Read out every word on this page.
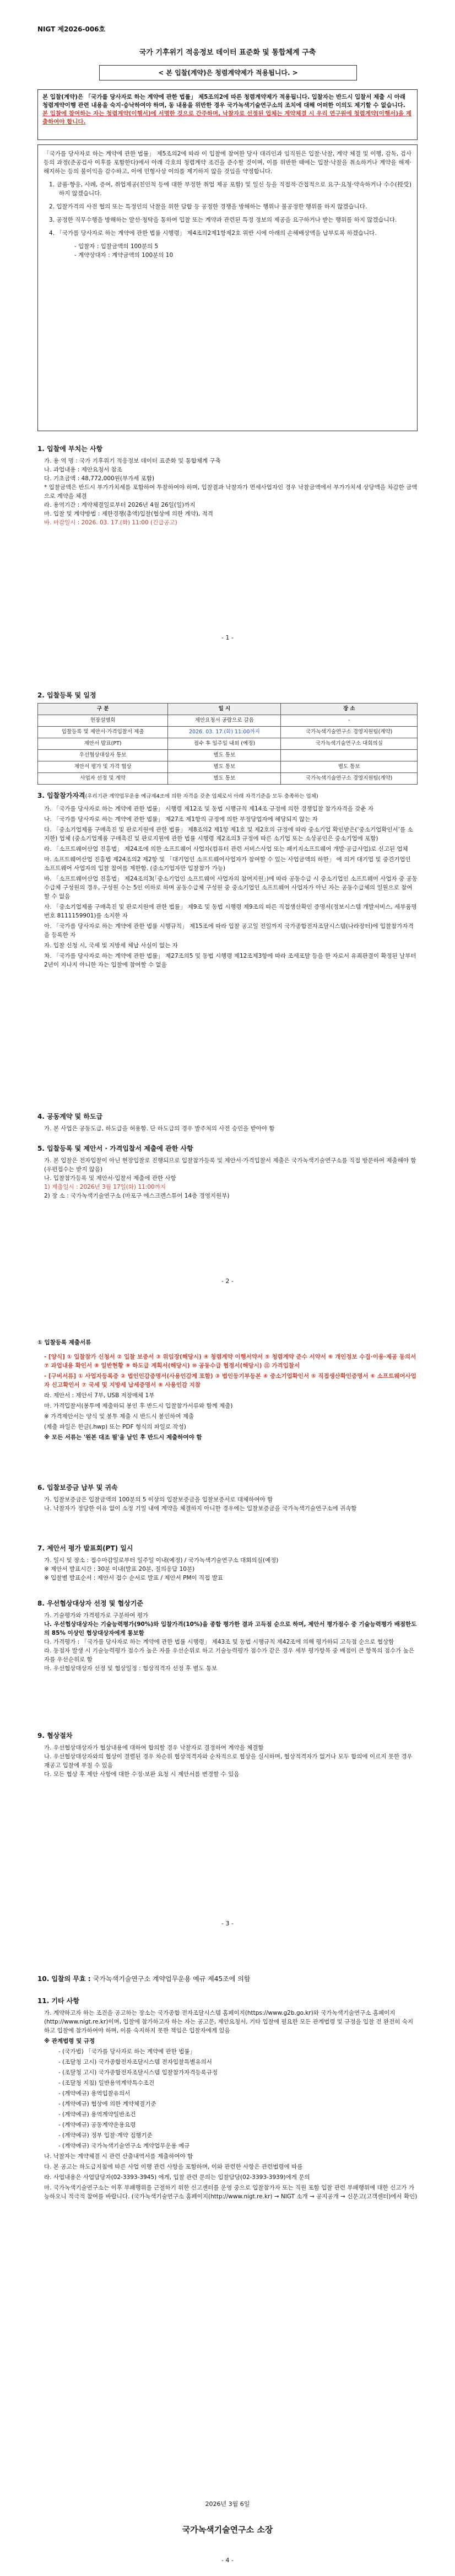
NIGT 제2026-006호
국가 기후위기 적응정보 데이터 표준화 및 통합체계 구축
< 본 입찰(계약)은 청렴계약제가 적용됩니다. >

본 입찰(계약)은 「국가를 당사자로 하는 계약에 관한 법률」 제5조의2에 따른 청렴계약제가 적용됩니다. 입찰자는 반드시 입찰서 제출 시 아래 청렴계약이행 관련 내용을 숙지·승낙하여야 하며, 동 내용을 위반한 경우 국가녹색기술연구소의 조치에 대해 어떠한 이의도 제기할 수 없습니다. 본 입찰에 참여하는 자는 청렴계약(이행서)에 서명한 것으로 간주하며, 낙찰자로 선정된 업체는 계약체결 시 우리 연구원에 청렴계약(이행서)을 제출하여야 합니다.

「국가를 당사자로 하는 계약에 관한 법률」 제5조의2에 따라 이 입찰에 참여한 당사 대리인과 임직원은 입찰·낙찰, 계약 체결 및 이행, 감독, 검사 등의 과정(준공검사 이후를 포함한다)에서 아래 각호의 청렴계약 조건을 준수할 것이며, 이를 위반한 때에는 입찰·낙찰을 취소하거나 계약을 해제·해지하는 등의 불이익을 감수하고, 이에 민형사상 이의를 제기하지 않을 것임을 약정합니다.

1. 금품·향응, 사례, 증여, 취업제공(친인척 등에 대한 부정한 취업 제공 포함) 및 일신 등을 직접적·간접적으로 요구·요청·약속하거나 수수(授受)하지 않겠습니다.

2. 입찰가격의 사전 협의 또는 특정인의 낙찰을 위한 담합 등 공정한 경쟁을 방해하는 행위나 불공정한 행위를 하지 않겠습니다.

3. 공정한 직무수행을 방해하는 알선·청탁을 통하여 입찰 또는 계약과 관련된 특정 정보의 제공을 요구하거나 받는 행위를 하지 않겠습니다.

4. 「국가를 당사자로 하는 계약에 관한 법률 시행령」 제4조의2제1항제2호 위반 시에 아래의 손해배상액을 납부토록 하겠습니다.

- 입찰자 : 입찰금액의 100분의 5

- 계약상대자 : 계약금액의 100분의 10

1. 입찰에 부치는 사항

가. 용 역 명 : 국가 기후위기 적응정보 데이터 표준화 및 통합체계 구축

나. 과업내용 : 제안요청서 참조

다. 기초금액 : 48,772,000원(부가세 포함)

* 입찰금액은 반드시 부가가치세를 포함하여 투찰하여야 하며, 입찰결과 낙찰자가 면세사업자인 경우 낙찰금액에서 부가가치세 상당액을 차감한 금액으로 계약을 체결

라. 용역기간 : 계약체결일로부터 2026년 4월 26일(일)까지

마. 입찰 및 계약방법 : 제한경쟁(총액)입찰(협상에 의한 계약), 적격

바. 마감일시 : 2026. 03. 17.(화) 11:00 (긴급공고)

- 1 -
2. 입찰등록 및 일정
구 분	일 시	장 소
현장설명회	제안요청서 공람으로 갈음	-
입찰등록 및 제안서·가격입찰서 제출	2026. 03. 17.(화) 11:00까지	국가녹색기술연구소 경영지원팀(계약)
제안서 발표(PT)	접수 후 일주일 내외 (예정)	국가녹색기술연구소 대회의실
우선협상대상자 통보	별도 통보	
제안서 평가 및 가격 협상	별도 통보	별도 통보
사업자 선정 및 계약	별도 통보	국가녹색기술연구소 경영지원팀(계약)
3. 입찰참가자격(우리기관 계약업무운용 예규제4조에 의한 자격을 갖춘 업체로서 아래 자격기준을 모두 충족하는 업체)

가. 「국가를 당사자로 하는 계약에 관한 법률」 시행령 제12조 및 동법 시행규칙 제14조 규정에 의한 경쟁입찰 참가자격을 갖춘 자

나. 「국가를 당사자로 하는 계약에 관한 법률」 제27조 제1항의 규정에 의한 부정당업자에 해당되지 않는 자

다. 「중소기업제품 구매촉진 및 판로지원에 관한 법률」 제8조의2 제1항 제1호 및 제2호의 규정에 따라 중소기업 확인받은(‘중소기업확인서’를 소지한) 업체 (중소기업제품 구매촉진 및 판로지원에 관한 법률 시행령 제2조의3 규정에 따른 소기업 또는 소상공인은 중소기업에 포함)

라. 「소프트웨어산업 진흥법」 제24조에 의한 소프트웨어 사업자(컴퓨터 관련 서비스사업 또는 패키지소프트웨어 개발·공급사업)로 신고된 업체

마. 소프트웨어산업 진흥법 제24조의2 제2항 및 「대기업인 소프트웨어사업자가 참여할 수 있는 사업금액의 하한」 에 의거 대기업 및 중견기업인 소프트웨어 사업자의 입찰 참여를 제한함. (중소기업자만 입찰참가 가능)

바. 「소프트웨어산업 진흥법」 제24조의3(「중소기업인 소프트웨어 사업자의 참여지원」)에 따라 공동수급 시 중소기업인 소프트웨어 사업자 중 공동수급체 구성원의 경우, 구성원 수는 5인 이하로 하며 공동수급체 구성원 중 중소기업인 소프트웨어 사업자가 아닌 자는 공동수급체의 일원으로 참여할 수 없음

사. 「중소기업제품 구매촉진 및 판로지원에 관한 법률」 제9조 및 동법 시행령 제9조의 따른 직접생산확인 증명서(정보시스템 개발서비스, 세부품명번호 8111159901)를 소지한 자

아. 「국가를 당사자로 하는 계약에 관한 법률 시행규칙」 제15조에 따라 입찰 공고일 전일까지 국가종합전자조달시스템(나라장터)에 입찰참가자격을 등록한 자

자. 입찰 신청 시, 국세 및 지방세 체납 사실이 없는 자

차. 「국가를 당사자로 하는 계약에 관한 법률」 제27조의5 및 동법 시행령 제12조제3항에 따라 조세포탈 등을 한 자로서 유죄판결이 확정된 날부터 2년이 지나지 아니한 자는 입찰에 참여할 수 없음

4. 공동계약 및 하도급

가. 본 사업은 공동도급, 하도급을 허용함. 단 하도급의 경우 발주처의 사전 승인을 받아야 함

5. 입찰등록 및 제안서 · 가격입찰서 제출에 관한 사항

가. 본 입찰은 전자입찰이 아닌 현장입찰로 진행되므로 입찰참가등록 및 제안서·가격입찰서 제출은 국가녹색기술연구소를 직접 방문하여 제출해야 함 (우편접수는 받지 않음)

나. 입찰참가등록 및 제안서·입찰서 제출에 관한 사항

1) 제출일시 : 2026년 3월 17일(화) 11:00까지

2) 장 소 : 국가녹색기술연구소 (마포구 에스크렌스튜어 14층 경영지원부)

- 2 -

① 입찰등록 제출서류

- [양식] ① 입찰참가 신청서 ② 입찰 보증서 ③ 위임장(해당시) ④ 청렴계약 이행서약서 ⑤ 청렴계약 준수 서약서 ⑥ 개인정보 수집·이용·제공 동의서 ⑦ 과업내용 확인서 ⑧ 일반현황 ⑨ 하도급 계획서(해당시) ⑩ 공동수급 협정서(해당시) ⑪ 가격입찰서

- [구비서류] ① 사업자등록증 ② 법인인감증명서(사용인감계 포함) ③ 법인등기부등본 ④ 중소기업확인서 ⑤ 직접생산확인증명서 ⑥ 소프트웨어사업자 신고확인서 ⑦ 국세 및 지방세 납세증명서 ⑧ 사용인감 지참

라. 제안서 : 제안서 7부, USB 저장매체 1부

마. 가격입찰서(봉투에 제출하되 봉인 후 반드시 입찰참가서류와 함께 제출)

※ 가격제안서는 양식 및 봉투 제출 시 반드시 봉인하여 제출

(제출 파일은 한글(.hwp) 또는 PDF 형식의 파일로 작성)

※ 모든 서류는 '원본 대조 필'을 날인 후 반드시 제출하여야 함

6. 입찰보증금 납부 및 귀속

가. 입찰보증금은 입찰금액의 100분의 5 이상의 입찰보증금을 입찰보증서로 대체하여야 함

나. 낙찰자가 정당한 이유 없이 소정 기일 내에 계약을 체결하지 아니한 경우에는 입찰보증금을 국가녹색기술연구소에 귀속함

7. 제안서 평가 발표회(PT) 일시

가. 일시 및 장소 : 접수마감일로부터 일주일 이내(예정) / 국가녹색기술연구소 대회의실(예정)

※ 제안서 발표시간 : 30분 이내(발표 20분, 질의응답 10분)

※ 입찰별 발표순서 : 제안서 접수 순서로 발표 / 제안서 PM이 직접 발표

8. 우선협상대상자 선정 및 협상기준

가. 기술평가와 가격평가로 구분하여 평가

나. 우선협상대상자는 기술능력평가(90%)와 입찰가격(10%)을 종합 평가한 결과 고득점 순으로 하며, 제안서 평가점수 중 기술능력평가 배점한도의 85% 이상인 협상대상자에게 통보함

다. 가격평가 : 「국가를 당사자로 하는 계약에 관한 법률 시행령」 제43조 및 동법 시행규칙 제42조에 의해 평가하되 고득점 순으로 협상함

라. 동점자 발생 시 기술능력평가 점수가 높은 자를 우선순위로 하고 기술능력평가 점수가 같은 경우 세부 평가항목 중 배점이 큰 항목의 점수가 높은 자를 우선순위로 함

마. 우선협상대상자 선정 및 협상일정 : 협상적격자 선정 후 별도 통보

9. 협상절차

가. 우선협상대상자가 협상내용에 대하여 합의할 경우 낙찰자로 결정하여 계약을 체결함

나. 우선협상대상자와의 협상이 결렬된 경우 차순위 협상적격자와 순차적으로 협상을 실시하며, 협상적격자가 없거나 모두 합의에 이르지 못한 경우 재공고 입찰에 부칠 수 있음

다. 모든 협상 후 제안 사항에 대한 수정·보완 요청 시 제안서를 변경할 수 있음

- 3 -
10. 입찰의 무효 : 국가녹색기술연구소 계약업무운용 예규 제45조에 의함
11. 기타 사항

가. 계약하고자 하는 조건을 공고하는 장소는 국가종합 전자조달시스템 홈페이지(https://www.g2b.go.kr)와 국가녹색기술연구소 홈페이지(http://www.nigt.re.kr)이며, 입찰에 참가하고자 하는 자는 공고문, 제안요청서, 기타 입찰에 필요한 모든 관계법령 및 규정을 입찰 전 완전히 숙지하고 입찰에 참가하여야 하며, 이를 숙지하지 못한 책임은 입찰자에게 있음

※ 관계법령 및 규정

- (국가법) 「국가를 당사자로 하는 계약에 관한 법률」

- (조달청 고시) 국가종합전자조달시스템 전자입찰특별유의서

- (조달청 고시) 국가종합전자조달시스템 입찰참가자격등록규정

- (조달청 지침) 일반용역계약특수조건

- (계약예규) 용역입찰유의서

- (계약예규) 협상에 의한 계약체결기준

- (계약예규) 용역계약일반조건

- (계약예규) 공동계약운용요령

- (계약예규) 정부 입찰·계약 집행기준

- (계약예규) 국가녹색기술연구소 계약업무운용 예규

나. 낙찰자는 계약체결 시 관련 산출내역서를 제출하여야 함

다. 본 공고는 하도급지침에 따른 사업 이행 관련 사항을 포함하며, 이와 관련한 사항은 관련법령에 따름

라. 사업내용은 사업담당자(02-3393-3945) 에게, 입찰 관련 문의는 입찰담당(02-3393-3939)에게 문의

마. 국가녹색기술연구소는 이후 부패행위를 근절하기 위한 신고센터를 운영 중으로 입찰참가자 또는 직원 포함 입찰 관련 부패행위에 대한 신고가 가능하오니 적극적 참여를 바랍니다. (국가녹색기술연구소 홈페이지(http://www.nigt.re.kr) → NIGT 소개 → 공지공개 → 신문고(고객센터)에서 확인)

2026년 3월 6일
국가녹색기술연구소 소장
- 4 -
